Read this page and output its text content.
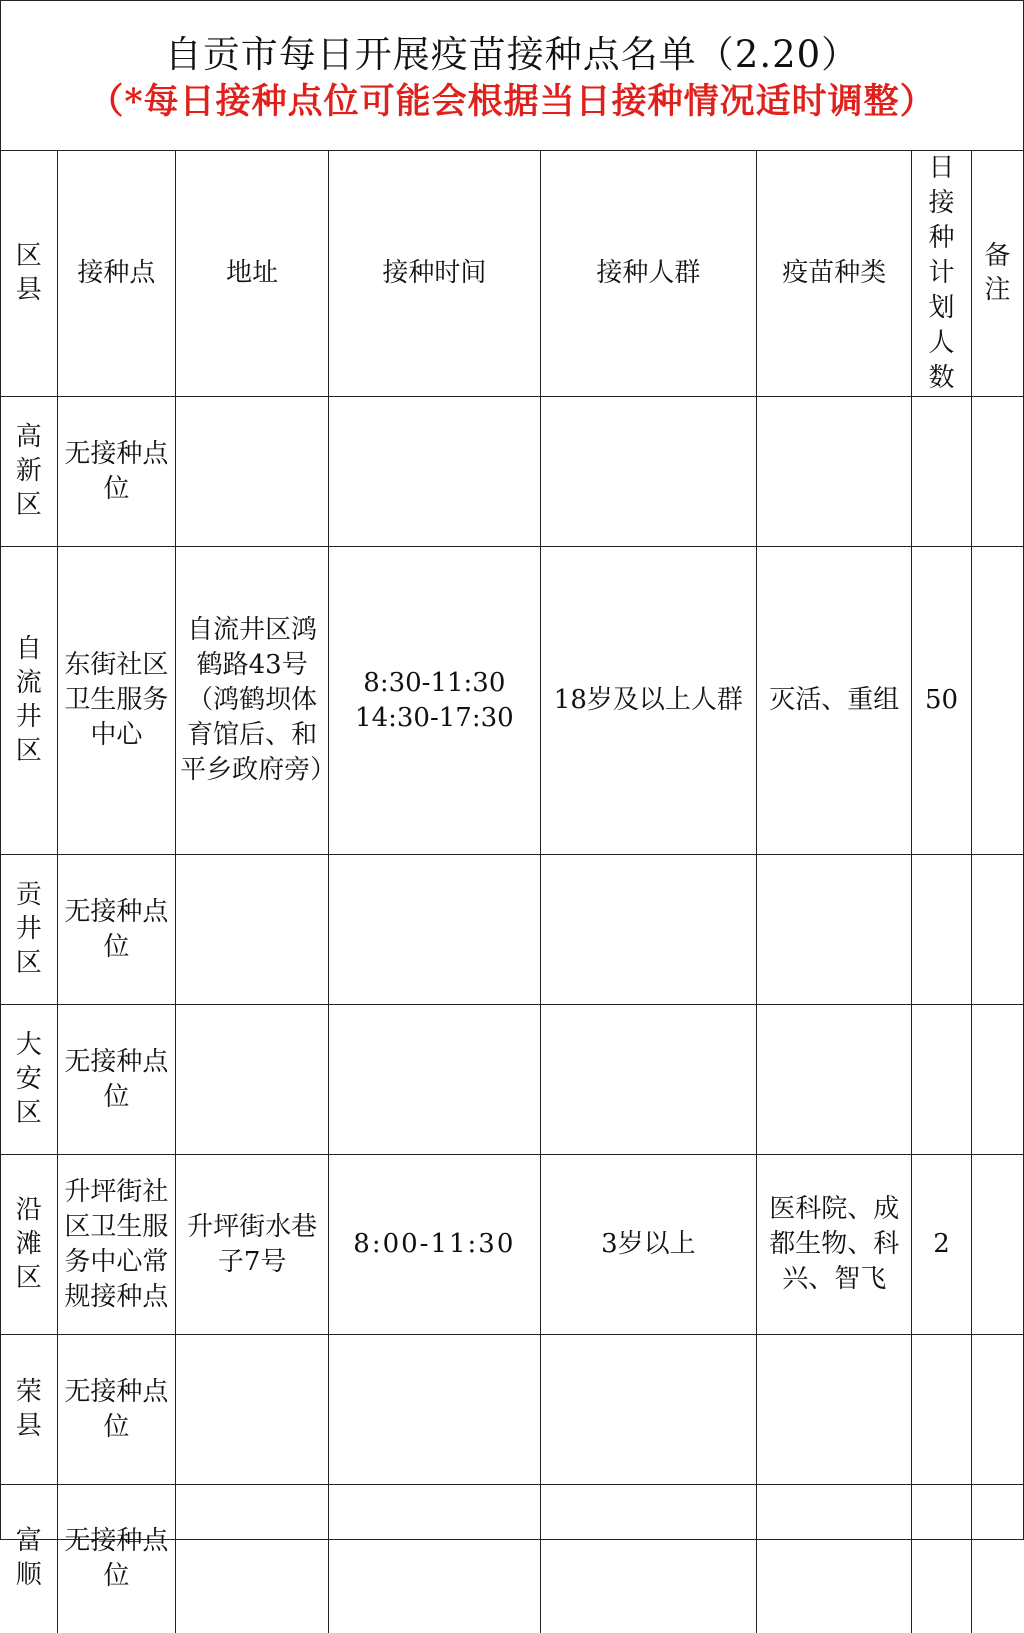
自贡市每日开展疫苗接种点名单（2.20）
（*每日接种点位可能会根据当日接种情况适时调整）
区县	接种点	地址	接种时间	接种人群	疫苗种类	日接种计划人数	备注
高新区	无接种点位		

自流井区	东街社区卫生服务中心	自流井区鸿鹤路43号（鸿鹤坝体育馆后、和平乡政府旁）	8:30-11:30
14:30-17:30	18岁及以上人群	灭活、重组	50	
贡井区	无接种点位		

大安区	无接种点位		

沿滩区	升坪街社区卫生服务中心常规接种点	升坪街水巷子7号	8:00-11:30	3岁以上	医科院、成都生物、科兴、智飞	2	
荣县	无接种点位		

富顺	无接种点位		
